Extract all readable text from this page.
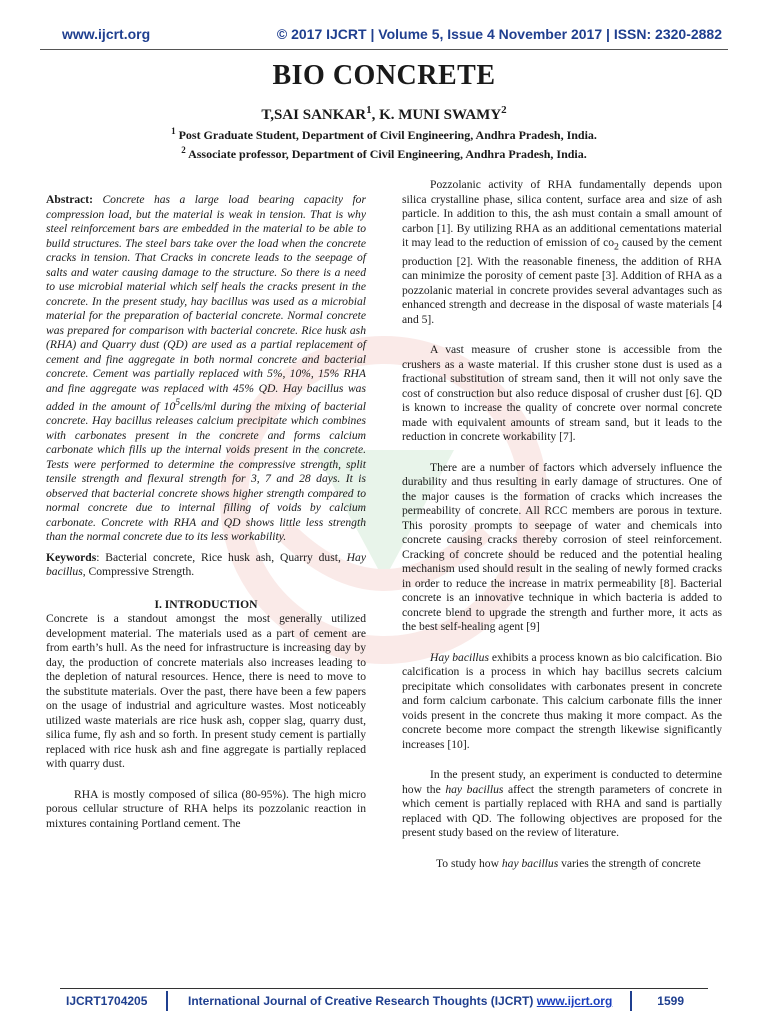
www.ijcrt.org	© 2017 IJCRT | Volume 5, Issue 4 November 2017 | ISSN: 2320-2882
BIO CONCRETE
T,SAI SANKAR$^1$, K. MUNI SWAMY$^2$
$^1$ Post Graduate Student, Department of Civil Engineering, Andhra Pradesh, India.
$^2$ Associate professor, Department of Civil Engineering, Andhra Pradesh, India.

Abstract: Concrete has a large load bearing capacity for compression load, but the material is weak in tension. That is why steel reinforcement bars are embedded in the material to be able to build structures. The steel bars take over the load when the concrete cracks in tension. That Cracks in concrete leads to the seepage of salts and water causing damage to the structure. So there is a need to use microbial material which self heals the cracks present in the concrete. In the present study, hay bacillus was used as a microbial material for the preparation of bacterial concrete. Normal concrete was prepared for comparison with bacterial concrete. Rice husk ash (RHA) and Quarry dust (QD) are used as a partial replacement of cement and fine aggregate in both normal concrete and bacterial concrete. Cement was partially replaced with 5%, 10%, 15% RHA and fine aggregate was replaced with 45% QD. Hay bacillus was added in the amount of $10^5cells/ml$ during the mixing of bacterial concrete. Hay bacillus releases calcium precipitate which combines with carbonates present in the concrete and forms calcium carbonate which fills up the internal voids present in the concrete. Tests were performed to determine the compressive strength, split tensile strength and flexural strength for 3, 7 and 28 days. It is observed that bacterial concrete shows higher strength compared to normal concrete due to internal filling of voids by calcium carbonate. Concrete with RHA and QD shows little less strength than the normal concrete due to its less workability.

Keywords: Bacterial concrete, Rice husk ash, Quarry dust, Hay bacillus, Compressive Strength.

I. INTRODUCTION

Concrete is a standout amongst the most generally utilized development material. The materials used as a part of cement are from earth’s hull. As the need for infrastructure is increasing day by day, the production of concrete materials also increases leading to the depletion of natural resources. Hence, there is need to move to the substitute materials. Over the past, there have been a few papers on the usage of industrial and agriculture wastes. Most noticeably utilized waste materials are rice husk ash, copper slag, quarry dust, silica fume, fly ash and so forth. In present study cement is partially replaced with rice husk ash and fine aggregate is partially replaced with quarry dust.

RHA is mostly composed of silica (80-95%). The high micro porous cellular structure of RHA helps its pozzolanic reaction in mixtures containing Portland cement. The

Pozzolanic activity of RHA fundamentally depends upon silica crystalline phase, silica content, surface area and size of ash particle. In addition to this, the ash must contain a small amount of carbon [1]. By utilizing RHA as an additional cementations material it may lead to the reduction of emission of $co_2$ caused by the cement production [2]. With the reasonable fineness, the addition of RHA can minimize the porosity of cement paste [3]. Addition of RHA as a pozzolanic material in concrete provides several advantages such as enhanced strength and decrease in the disposal of waste materials [4 and 5].

A vast measure of crusher stone is accessible from the crushers as a waste material. If this crusher stone dust is used as a fractional substitution of stream sand, then it will not only save the cost of construction but also reduce disposal of crusher dust [6]. QD is known to increase the quality of concrete over normal concrete made with equivalent amounts of stream sand, but it leads to the reduction in concrete workability [7].

There are a number of factors which adversely influence the durability and thus resulting in early damage of structures. One of the major causes is the formation of cracks which increases the permeability of concrete. All RCC members are porous in texture. This porosity prompts to seepage of water and chemicals into concrete causing cracks thereby corrosion of steel reinforcement. Cracking of concrete should be reduced and the potential healing mechanism used should result in the sealing of newly formed cracks in order to reduce the increase in matrix permeability [8]. Bacterial concrete is an innovative technique in which bacteria is added to concrete blend to upgrade the strength and further more, it acts as the best self-healing agent [9]

Hay bacillus exhibits a process known as bio calcification. Bio calcification is a process in which hay bacillus secrets calcium precipitate which consolidates with carbonates present in concrete and form calcium carbonate. This calcium carbonate fills the inner voids present in the concrete thus making it more compact. As the concrete become more compact the strength likewise significantly increases [10].

In the present study, an experiment is conducted to determine how the hay bacillus affect the strength parameters of concrete in which cement is partially replaced with RHA and sand is partially replaced with QD. The following objectives are proposed for the present study based on the review of literature.

To study how hay bacillus varies the strength of concrete

IJCRT1704205	International Journal of Creative Research Thoughts (IJCRT) www.ijcrt.org	1599
